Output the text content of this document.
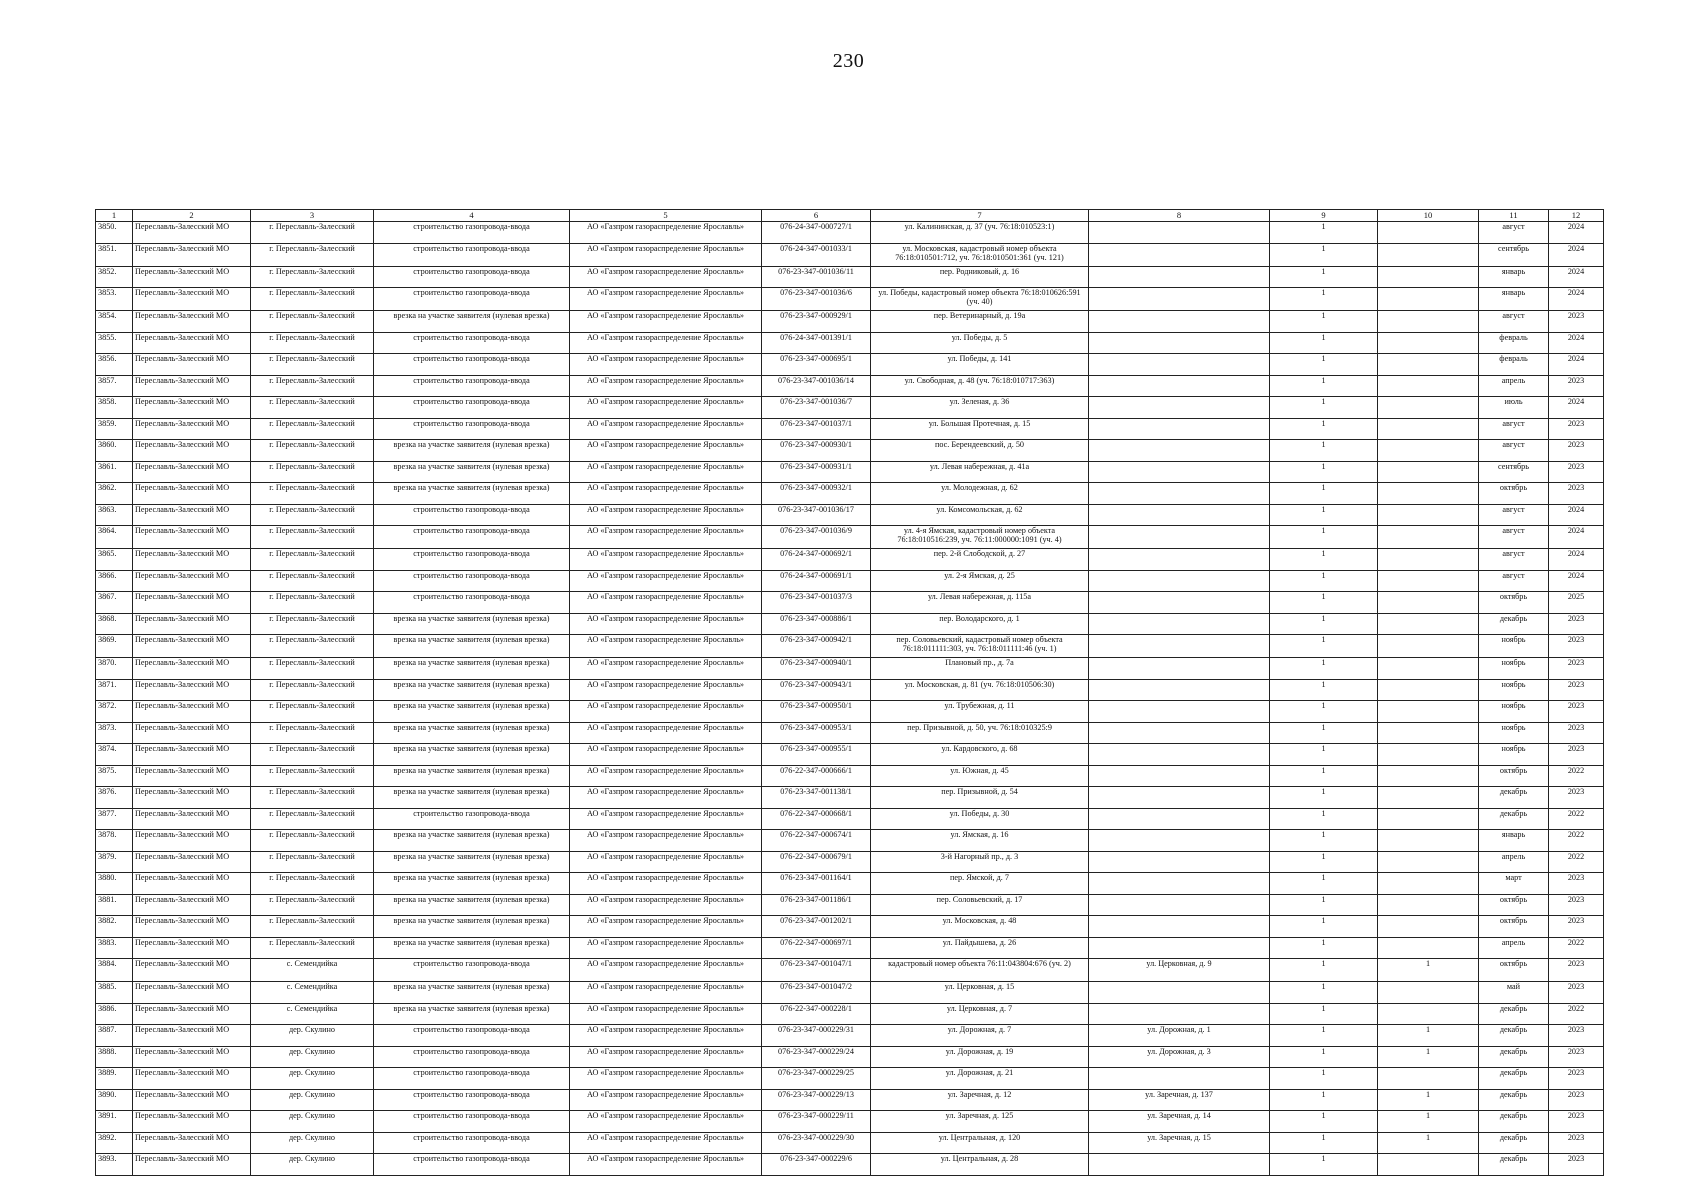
230
1	2	3	4	5	6	7	8	9	10	11	12
3850.	Переславль-Залесский МО	г. Переславль-Залесский	строительство газопровода-ввода	АО «Газпром газораспределение Ярославль»	076-24-347-000727/1	ул. Калининская, д. 37 (уч. 76:18:010523:1)		1		август	2024
3851.	Переславль-Залесский МО	г. Переславль-Залесский	строительство газопровода-ввода	АО «Газпром газораспределение Ярославль»	076-24-347-001033/1	ул. Московская, кадастровый номер объекта 76:18:010501:712, уч. 76:18:010501:361 (уч. 121)		1		сентябрь	2024
3852.	Переславль-Залесский МО	г. Переславль-Залесский	строительство газопровода-ввода	АО «Газпром газораспределение Ярославль»	076-23-347-001036/11	пер. Родниковый, д. 16		1		январь	2024
3853.	Переславль-Залесский МО	г. Переславль-Залесский	строительство газопровода-ввода	АО «Газпром газораспределение Ярославль»	076-23-347-001036/6	ул. Победы, кадастровый номер объекта 76:18:010626:591 (уч. 40)		1		январь	2024
3854.	Переславль-Залесский МО	г. Переславль-Залесский	врезка на участке заявителя (нулевая врезка)	АО «Газпром газораспределение Ярославль»	076-23-347-000929/1	пер. Ветеринарный, д. 19а		1		август	2023
3855.	Переславль-Залесский МО	г. Переславль-Залесский	строительство газопровода-ввода	АО «Газпром газораспределение Ярославль»	076-24-347-001391/1	ул. Победы, д. 5		1		февраль	2024
3856.	Переславль-Залесский МО	г. Переславль-Залесский	строительство газопровода-ввода	АО «Газпром газораспределение Ярославль»	076-23-347-000695/1	ул. Победы, д. 141		1		февраль	2024
3857.	Переславль-Залесский МО	г. Переславль-Залесский	строительство газопровода-ввода	АО «Газпром газораспределение Ярославль»	076-23-347-001036/14	ул. Свободная, д. 48 (уч. 76:18:010717:363)		1		апрель	2023
3858.	Переславль-Залесский МО	г. Переславль-Залесский	строительство газопровода-ввода	АО «Газпром газораспределение Ярославль»	076-23-347-001036/7	ул. Зеленая, д. 36		1		июль	2024
3859.	Переславль-Залесский МО	г. Переславль-Залесский	строительство газопровода-ввода	АО «Газпром газораспределение Ярославль»	076-23-347-001037/1	ул. Большая Протечная, д. 15		1		август	2023
3860.	Переславль-Залесский МО	г. Переславль-Залесский	врезка на участке заявителя (нулевая врезка)	АО «Газпром газораспределение Ярославль»	076-23-347-000930/1	пос. Берендеевский, д. 50		1		август	2023
3861.	Переславль-Залесский МО	г. Переславль-Залесский	врезка на участке заявителя (нулевая врезка)	АО «Газпром газораспределение Ярославль»	076-23-347-000931/1	ул. Левая набережная, д. 41а		1		сентябрь	2023
3862.	Переславль-Залесский МО	г. Переславль-Залесский	врезка на участке заявителя (нулевая врезка)	АО «Газпром газораспределение Ярославль»	076-23-347-000932/1	ул. Молодежная, д. 62		1		октябрь	2023
3863.	Переславль-Залесский МО	г. Переславль-Залесский	строительство газопровода-ввода	АО «Газпром газораспределение Ярославль»	076-23-347-001036/17	ул. Комсомольская, д. 62		1		август	2024
3864.	Переславль-Залесский МО	г. Переславль-Залесский	строительство газопровода-ввода	АО «Газпром газораспределение Ярославль»	076-23-347-001036/9	ул. 4-я Ямская, кадастровый номер объекта 76:18:010516:239, уч. 76:11:000000:1091 (уч. 4)		1		август	2024
3865.	Переславль-Залесский МО	г. Переславль-Залесский	строительство газопровода-ввода	АО «Газпром газораспределение Ярославль»	076-24-347-000692/1	пер. 2-й Слободской, д. 27		1		август	2024
3866.	Переславль-Залесский МО	г. Переславль-Залесский	строительство газопровода-ввода	АО «Газпром газораспределение Ярославль»	076-24-347-000691/1	ул. 2-я Ямская, д. 25		1		август	2024
3867.	Переславль-Залесский МО	г. Переславль-Залесский	строительство газопровода-ввода	АО «Газпром газораспределение Ярославль»	076-23-347-001037/3	ул. Левая набережная, д. 115а		1		октябрь	2025
3868.	Переславль-Залесский МО	г. Переславль-Залесский	врезка на участке заявителя (нулевая врезка)	АО «Газпром газораспределение Ярославль»	076-23-347-000886/1	пер. Володарского, д. 1		1		декабрь	2023
3869.	Переславль-Залесский МО	г. Переславль-Залесский	врезка на участке заявителя (нулевая врезка)	АО «Газпром газораспределение Ярославль»	076-23-347-000942/1	пер. Соловьевский, кадастровый номер объекта 76:18:011111:303, уч. 76:18:011111:46 (уч. 1)		1		ноябрь	2023
3870.	Переславль-Залесский МО	г. Переславль-Залесский	врезка на участке заявителя (нулевая врезка)	АО «Газпром газораспределение Ярославль»	076-23-347-000940/1	Плановый пр., д. 7а		1		ноябрь	2023
3871.	Переславль-Залесский МО	г. Переславль-Залесский	врезка на участке заявителя (нулевая врезка)	АО «Газпром газораспределение Ярославль»	076-23-347-000943/1	ул. Московская, д. 81 (уч. 76:18:010506:30)		1		ноябрь	2023
3872.	Переславль-Залесский МО	г. Переславль-Залесский	врезка на участке заявителя (нулевая врезка)	АО «Газпром газораспределение Ярославль»	076-23-347-000950/1	ул. Трубежная, д. 11		1		ноябрь	2023
3873.	Переславль-Залесский МО	г. Переславль-Залесский	врезка на участке заявителя (нулевая врезка)	АО «Газпром газораспределение Ярославль»	076-23-347-000953/1	пер. Призывной, д. 50, уч. 76:18:010325:9		1		ноябрь	2023
3874.	Переславль-Залесский МО	г. Переславль-Залесский	врезка на участке заявителя (нулевая врезка)	АО «Газпром газораспределение Ярославль»	076-23-347-000955/1	ул. Кардовского, д. 68		1		ноябрь	2023
3875.	Переславль-Залесский МО	г. Переславль-Залесский	врезка на участке заявителя (нулевая врезка)	АО «Газпром газораспределение Ярославль»	076-22-347-000666/1	ул. Южная, д. 45		1		октябрь	2022
3876.	Переславль-Залесский МО	г. Переславль-Залесский	врезка на участке заявителя (нулевая врезка)	АО «Газпром газораспределение Ярославль»	076-23-347-001138/1	пер. Призывной, д. 54		1		декабрь	2023
3877.	Переславль-Залесский МО	г. Переславль-Залесский	строительство газопровода-ввода	АО «Газпром газораспределение Ярославль»	076-22-347-000668/1	ул. Победы, д. 30		1		декабрь	2022
3878.	Переславль-Залесский МО	г. Переславль-Залесский	врезка на участке заявителя (нулевая врезка)	АО «Газпром газораспределение Ярославль»	076-22-347-000674/1	ул. Ямская, д. 16		1		январь	2022
3879.	Переславль-Залесский МО	г. Переславль-Залесский	врезка на участке заявителя (нулевая врезка)	АО «Газпром газораспределение Ярославль»	076-22-347-000679/1	3-й Нагорный пр., д. 3		1		апрель	2022
3880.	Переславль-Залесский МО	г. Переславль-Залесский	врезка на участке заявителя (нулевая врезка)	АО «Газпром газораспределение Ярославль»	076-23-347-001164/1	пер. Ямской, д. 7		1		март	2023
3881.	Переславль-Залесский МО	г. Переславль-Залесский	врезка на участке заявителя (нулевая врезка)	АО «Газпром газораспределение Ярославль»	076-23-347-001186/1	пер. Соловьевский, д. 17		1		октябрь	2023
3882.	Переславль-Залесский МО	г. Переславль-Залесский	врезка на участке заявителя (нулевая врезка)	АО «Газпром газораспределение Ярославль»	076-23-347-001202/1	ул. Московская, д. 48		1		октябрь	2023
3883.	Переславль-Залесский МО	г. Переславль-Залесский	врезка на участке заявителя (нулевая врезка)	АО «Газпром газораспределение Ярославль»	076-22-347-000697/1	ул. Пайдышева, д. 26		1		апрель	2022
3884.	Переславль-Залесский МО	с. Семендийка	строительство газопровода-ввода	АО «Газпром газораспределение Ярославль»	076-23-347-001047/1	кадастровый номер объекта 76:11:043804:676 (уч. 2)	ул. Церковная, д. 9	1	1	октябрь	2023
3885.	Переславль-Залесский МО	с. Семендийка	врезка на участке заявителя (нулевая врезка)	АО «Газпром газораспределение Ярославль»	076-23-347-001047/2	ул. Церковная, д. 15		1		май	2023
3886.	Переславль-Залесский МО	с. Семендийка	врезка на участке заявителя (нулевая врезка)	АО «Газпром газораспределение Ярославль»	076-22-347-000228/1	ул. Церковная, д. 7		1		декабрь	2022
3887.	Переславль-Залесский МО	дер. Скулино	строительство газопровода-ввода	АО «Газпром газораспределение Ярославль»	076-23-347-000229/31	ул. Дорожная, д. 7	ул. Дорожная, д. 1	1	1	декабрь	2023
3888.	Переславль-Залесский МО	дер. Скулино	строительство газопровода-ввода	АО «Газпром газораспределение Ярославль»	076-23-347-000229/24	ул. Дорожная, д. 19	ул. Дорожная, д. 3	1	1	декабрь	2023
3889.	Переславль-Залесский МО	дер. Скулино	строительство газопровода-ввода	АО «Газпром газораспределение Ярославль»	076-23-347-000229/25	ул. Дорожная, д. 21		1		декабрь	2023
3890.	Переславль-Залесский МО	дер. Скулино	строительство газопровода-ввода	АО «Газпром газораспределение Ярославль»	076-23-347-000229/13	ул. Заречная, д. 12	ул. Заречная, д. 137	1	1	декабрь	2023
3891.	Переславль-Залесский МО	дер. Скулино	строительство газопровода-ввода	АО «Газпром газораспределение Ярославль»	076-23-347-000229/11	ул. Заречная, д. 125	ул. Заречная, д. 14	1	1	декабрь	2023
3892.	Переславль-Залесский МО	дер. Скулино	строительство газопровода-ввода	АО «Газпром газораспределение Ярославль»	076-23-347-000229/30	ул. Центральная, д. 120	ул. Заречная, д. 15	1	1	декабрь	2023
3893.	Переславль-Залесский МО	дер. Скулино	строительство газопровода-ввода	АО «Газпром газораспределение Ярославль»	076-23-347-000229/6	ул. Центральная, д. 28		1		декабрь	2023
